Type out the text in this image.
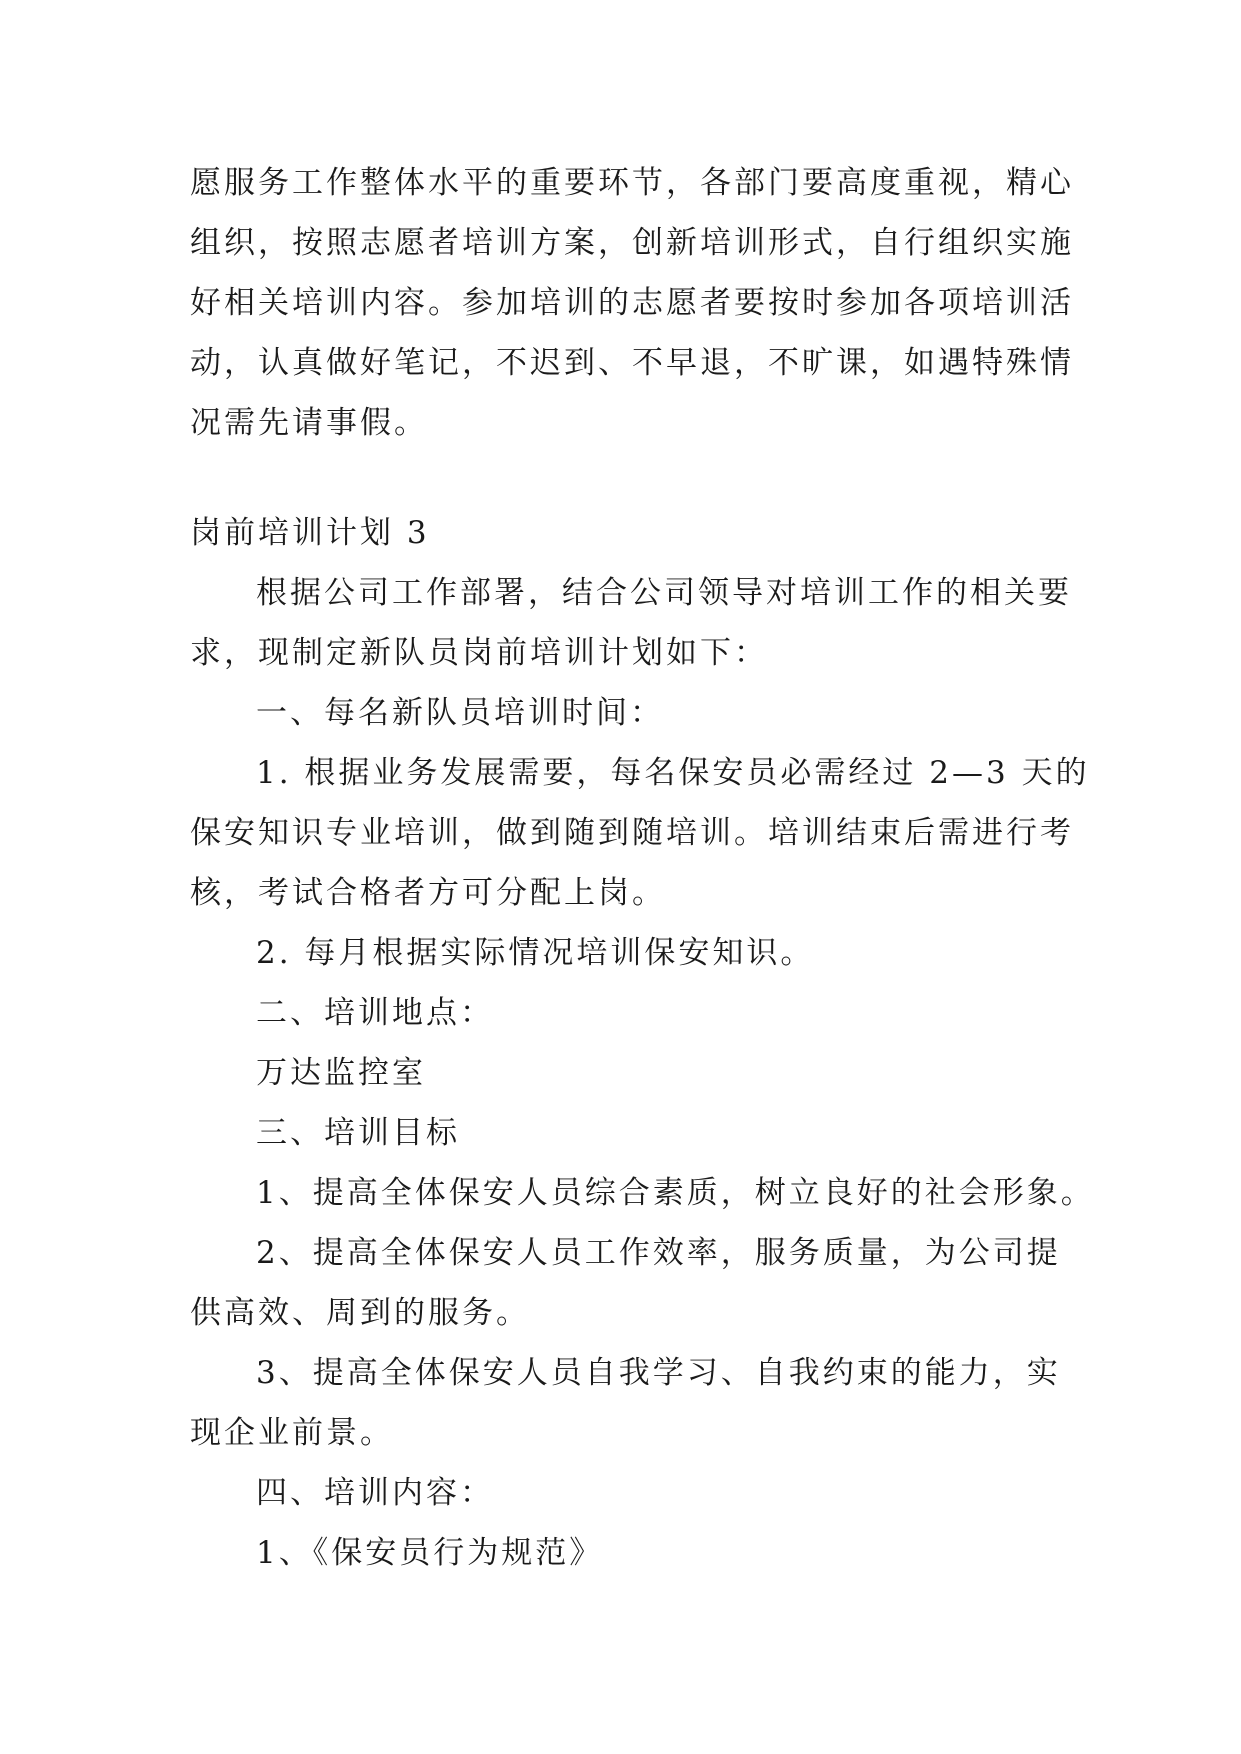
愿服务工作整体水平的重要环节，各部门要高度重视，精心
组织，按照志愿者培训方案，创新培训形式，自行组织实施
好相关培训内容。参加培训的志愿者要按时参加各项培训活
动，认真做好笔记，不迟到、不早退，不旷课，如遇特殊情
况需先请事假。
岗前培训计划 3
根据公司工作部署，结合公司领导对培训工作的相关要
求，现制定新队员岗前培训计划如下：
一、每名新队员培训时间：
1. 根据业务发展需要，每名保安员必需经过 2—3 天的
保安知识专业培训，做到随到随培训。培训结束后需进行考
核，考试合格者方可分配上岗。
2. 每月根据实际情况培训保安知识。
二、培训地点：
万达监控室
三、培训目标
1、提高全体保安人员综合素质，树立良好的社会形象。
2、提高全体保安人员工作效率，服务质量，为公司提
供高效、周到的服务。
3、提高全体保安人员自我学习、自我约束的能力，实
现企业前景。
四、培训内容：
1、《保安员行为规范》
